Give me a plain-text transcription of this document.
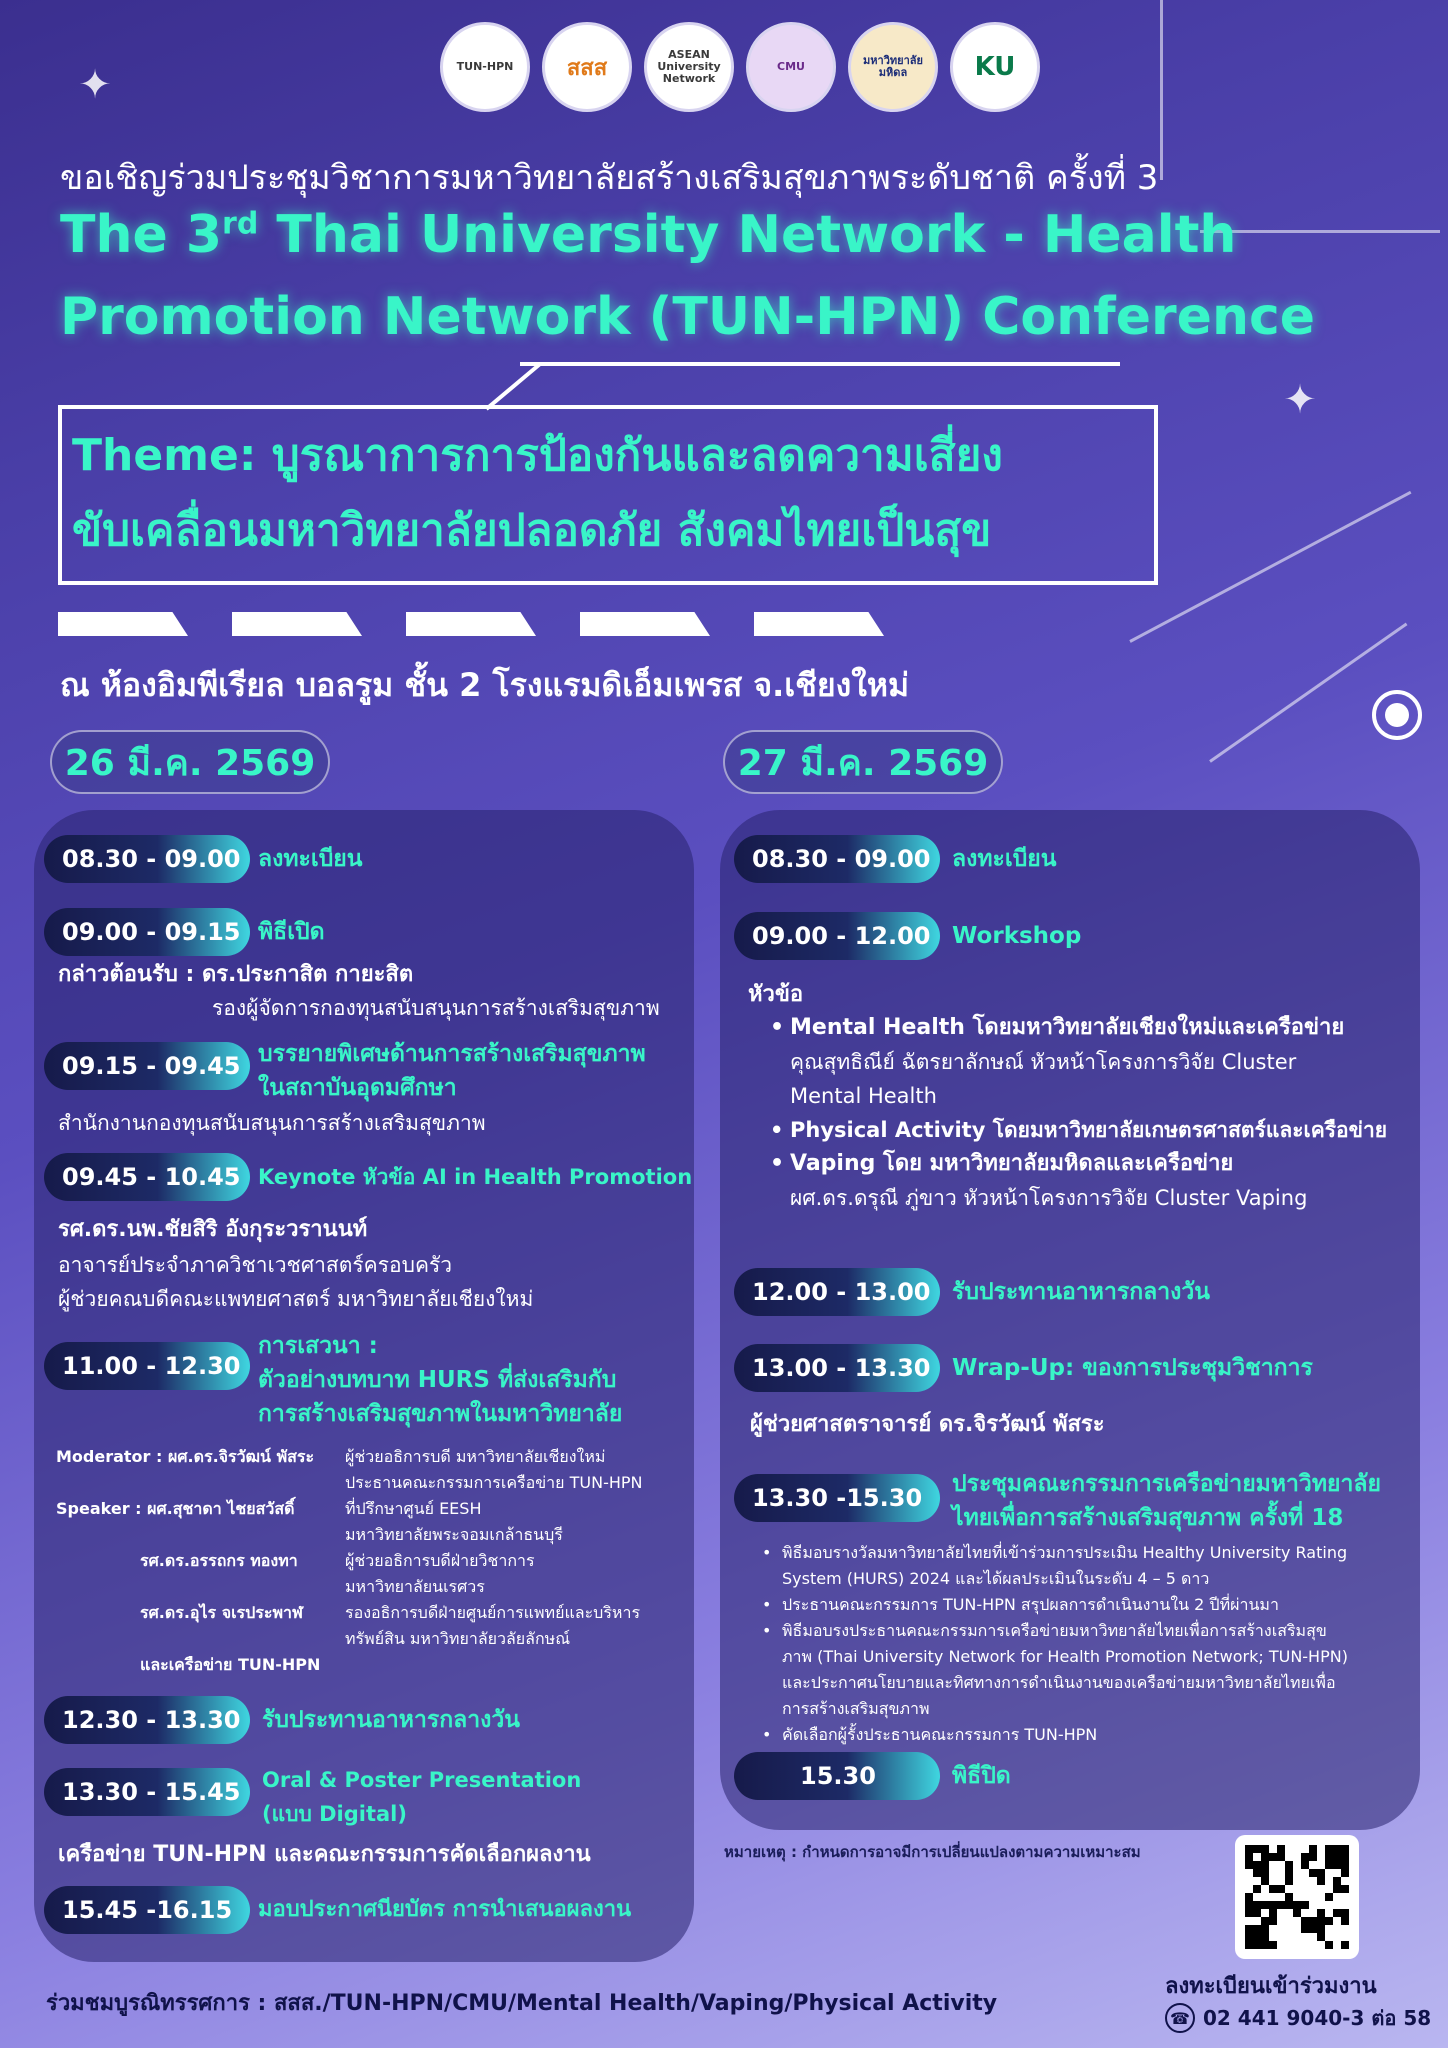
✦
✦
TUN-HPN สสส
ASEAN University Network
CMU	มหาวิทยาลัยมหิดล	KU
ขอเชิญร่วมประชุมวิชาการมหาวิทยาลัยสร้างเสริมสุขภาพระดับชาติ ครั้งที่ 3
The 3rd Thai University Network - Health
Promotion Network (TUN-HPN) Conference
Theme: บูรณาการการป้องกันและลดความเสี่ยง
ขับเคลื่อนมหาวิทยาลัยปลอดภัย สังคมไทยเป็นสุข
ณ ห้องอิมพีเรียล บอลรูม ชั้น 2 โรงแรมดิเอ็มเพรส จ.เชียงใหม่
26 มี.ค. 2569	27 มี.ค. 2569
08.30 - 09.00 ลงทะเบียน
09.00 - 09.15 พิธีเปิด
กล่าวต้อนรับ : ดร.ประกาสิต กายะสิต
รองผู้จัดการกองทุนสนับสนุนการสร้างเสริมสุขภาพ
09.15 - 09.45 บรรยายพิเศษด้านการสร้างเสริมสุขภาพ
ในสถาบันอุดมศึกษา
สำนักงานกองทุนสนับสนุนการสร้างเสริมสุขภาพ
09.45 - 10.45 Keynote หัวข้อ AI in Health Promotion
รศ.ดร.นพ.ชัยสิริ อังกุระวรานนท์
อาจารย์ประจำภาควิชาเวชศาสตร์ครอบครัว
ผู้ช่วยคณบดีคณะแพทยศาสตร์ มหาวิทยาลัยเชียงใหม่
11.00 - 12.30
การเสวนา :
ตัวอย่างบทบาท HURS ที่ส่งเสริมกับ
การสร้างเสริมสุขภาพในมหาวิทยาลัย
Moderator : ผศ.ดร.จิรวัฒน์ พัสระ ผู้ช่วยอธิการบดี มหาวิทยาลัยเชียงใหม่
ประธานคณะกรรมการเครือข่าย TUN-HPN
Speaker : ผศ.สุชาดา ไชยสวัสดิ์	ที่ปรึกษาศูนย์ EESH
มหาวิทยาลัยพระจอมเกล้าธนบุรี
รศ.ดร.อรรถกร ทองทา	ผู้ช่วยอธิการบดีฝ่ายวิชาการ
มหาวิทยาลัยนเรศวร
รศ.ดร.อุไร จเรประพาฬ	รองอธิการบดีฝ่ายศูนย์การแพทย์และบริหาร
ทรัพย์สิน มหาวิทยาลัยวลัยลักษณ์
และเครือข่าย TUN-HPN
12.30 - 13.30 รับประทานอาหารกลางวัน
13.30 - 15.45	Oral & Poster Presentation
(แบบ Digital)
เครือข่าย TUN-HPN และคณะกรรมการคัดเลือกผลงาน
15.45 -16.15	มอบประกาศนียบัตร การนำเสนอผลงาน
08.30 - 09.00 ลงทะเบียน
09.00 - 12.00 Workshop
หัวข้อ
• Mental Health โดยมหาวิทยาลัยเชียงใหม่และเครือข่าย
คุณสุทธิณีย์ ฉัตรยาลักษณ์ หัวหน้าโครงการวิจัย Cluster
Mental Health
• Physical Activity โดยมหาวิทยาลัยเกษตรศาสตร์และเครือข่าย
• Vaping โดย มหาวิทยาลัยมหิดลและเครือข่าย
ผศ.ดร.ดรุณี ภู่ขาว หัวหน้าโครงการวิจัย Cluster Vaping
12.00 - 13.00 รับประทานอาหารกลางวัน
13.00 - 13.30 Wrap-Up: ของการประชุมวิชาการ
ผู้ช่วยศาสตราจารย์ ดร.จิรวัฒน์ พัสระ
13.30 -15.30	ประชุมคณะกรรมการเครือข่ายมหาวิทยาลัย
ไทยเพื่อการสร้างเสริมสุขภาพ ครั้งที่ 18
• พิธีมอบรางวัลมหาวิทยาลัยไทยที่เข้าร่วมการประเมิน Healthy University Rating
System (HURS) 2024 และได้ผลประเมินในระดับ 4 – 5 ดาว
• ประธานคณะกรรมการ TUN-HPN สรุปผลการดำเนินงานใน 2 ปีที่ผ่านมา
• พิธีมอบรงประธานคณะกรรมการเครือข่ายมหาวิทยาลัยไทยเพื่อการสร้างเสริมสุข
ภาพ (Thai University Network for Health Promotion Network; TUN-HPN)
และประกาศนโยบายและทิศทางการดำเนินงานของเครือข่ายมหาวิทยาลัยไทยเพื่อ
การสร้างเสริมสุขภาพ
• คัดเลือกผู้รั้งประธานคณะกรรมการ TUN-HPN
15.30	พิธีปิด
หมายเหตุ : กำหนดการอาจมีการเปลี่ยนแปลงตามความเหมาะสม
ร่วมชมบูรณิทรรศการ : สสส./TUN-HPN/CMU/Mental Health/Vaping/Physical Activity
ลงทะเบียนเข้าร่วมงาน
☎ 02 441 9040-3 ต่อ 58
